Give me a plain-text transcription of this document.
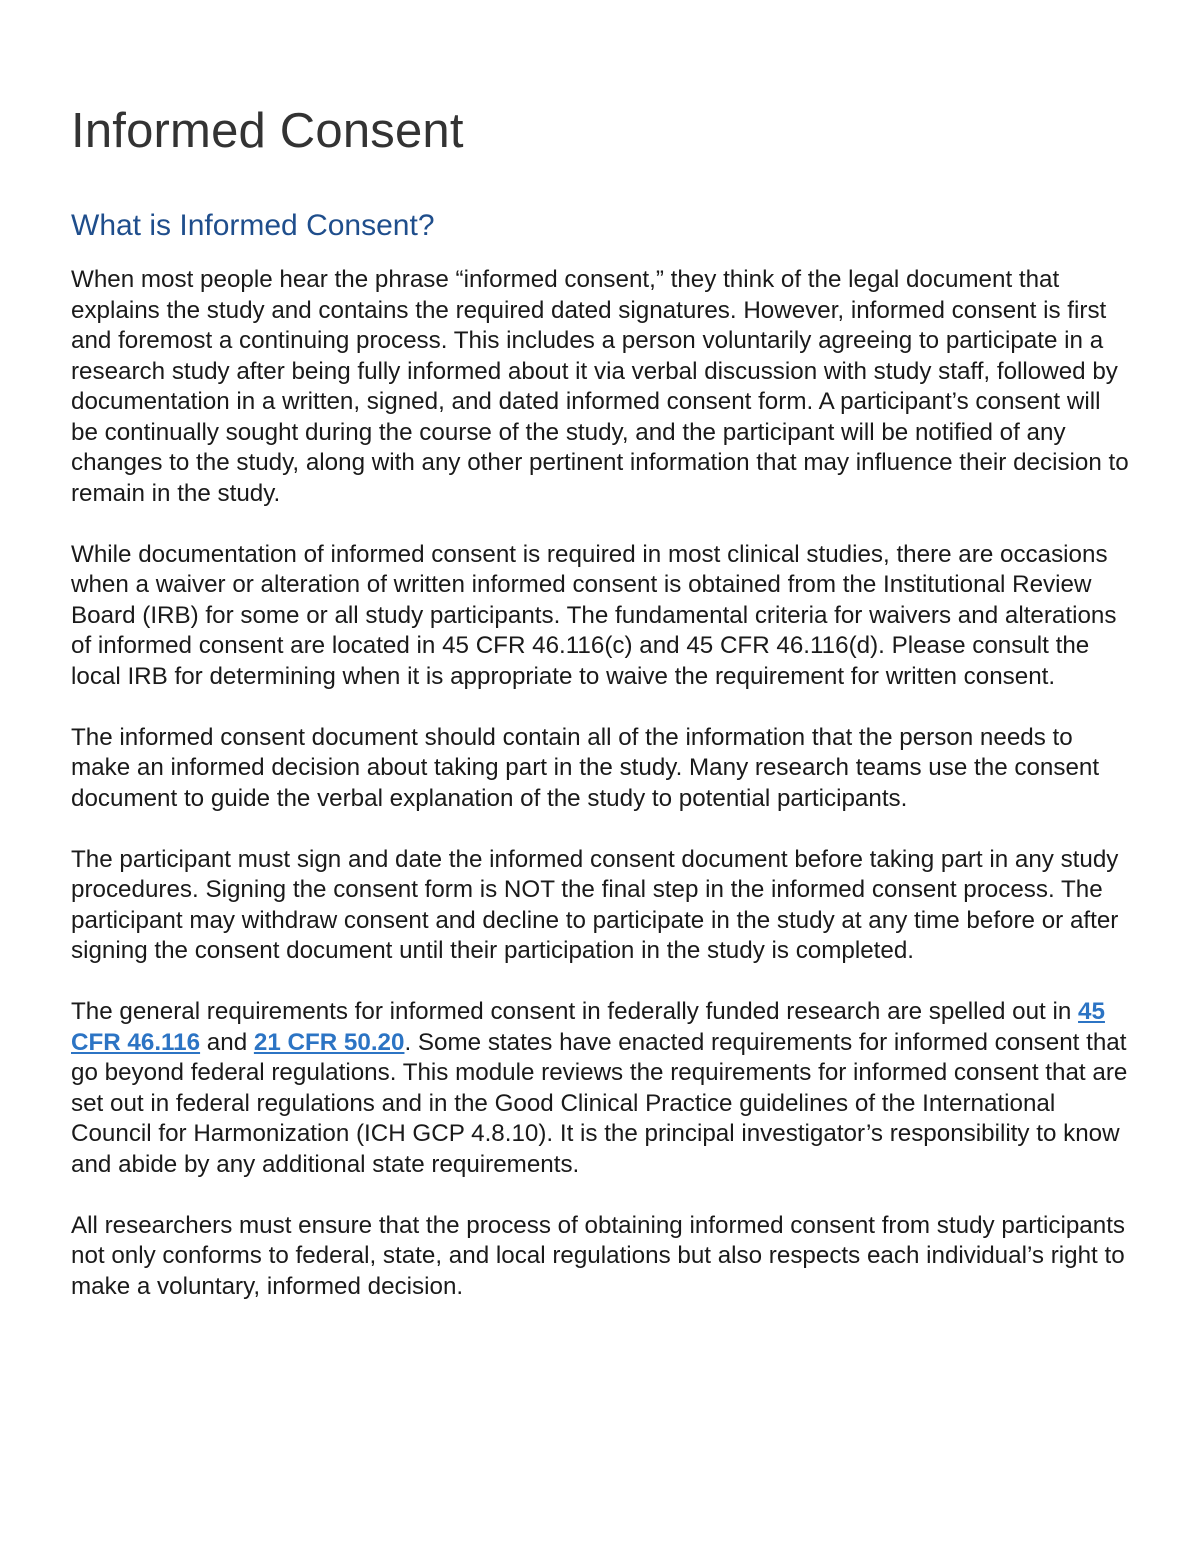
Informed Consent
What is Informed Consent?

When most people hear the phrase “informed consent,” they think of the legal document that explains the study and contains the required dated signatures. However, informed consent is first and foremost a continuing process. This includes a person voluntarily agreeing to participate in a research study after being fully informed about it via verbal discussion with study staff, followed by documentation in a written, signed, and dated informed consent form. A participant’s consent will be continually sought during the course of the study, and the participant will be notified of any changes to the study, along with any other pertinent information that may influence their decision to remain in the study.

While documentation of informed consent is required in most clinical studies, there are occasions when a waiver or alteration of written informed consent is obtained from the Institutional Review Board (IRB) for some or all study participants. The fundamental criteria for waivers and alterations of informed consent are located in 45 CFR 46.116(c) and 45 CFR 46.116(d). Please consult the local IRB for determining when it is appropriate to waive the requirement for written consent.

The informed consent document should contain all of the information that the person needs to make an informed decision about taking part in the study. Many research teams use the consent document to guide the verbal explanation of the study to potential participants.

The participant must sign and date the informed consent document before taking part in any study procedures. Signing the consent form is NOT the final step in the informed consent process. The participant may withdraw consent and decline to participate in the study at any time before or after signing the consent document until their participation in the study is completed.

The general requirements for informed consent in federally funded research are spelled out in 45 CFR 46.116 and 21 CFR 50.20. Some states have enacted requirements for informed consent that go beyond federal regulations. This module reviews the requirements for informed consent that are set out in federal regulations and in the Good Clinical Practice guidelines of the International Council for Harmonization (ICH GCP 4.8.10). It is the principal investigator’s responsibility to know and abide by any additional state requirements.

All researchers must ensure that the process of obtaining informed consent from study participants not only conforms to federal, state, and local regulations but also respects each individual’s right to make a voluntary, informed decision.
